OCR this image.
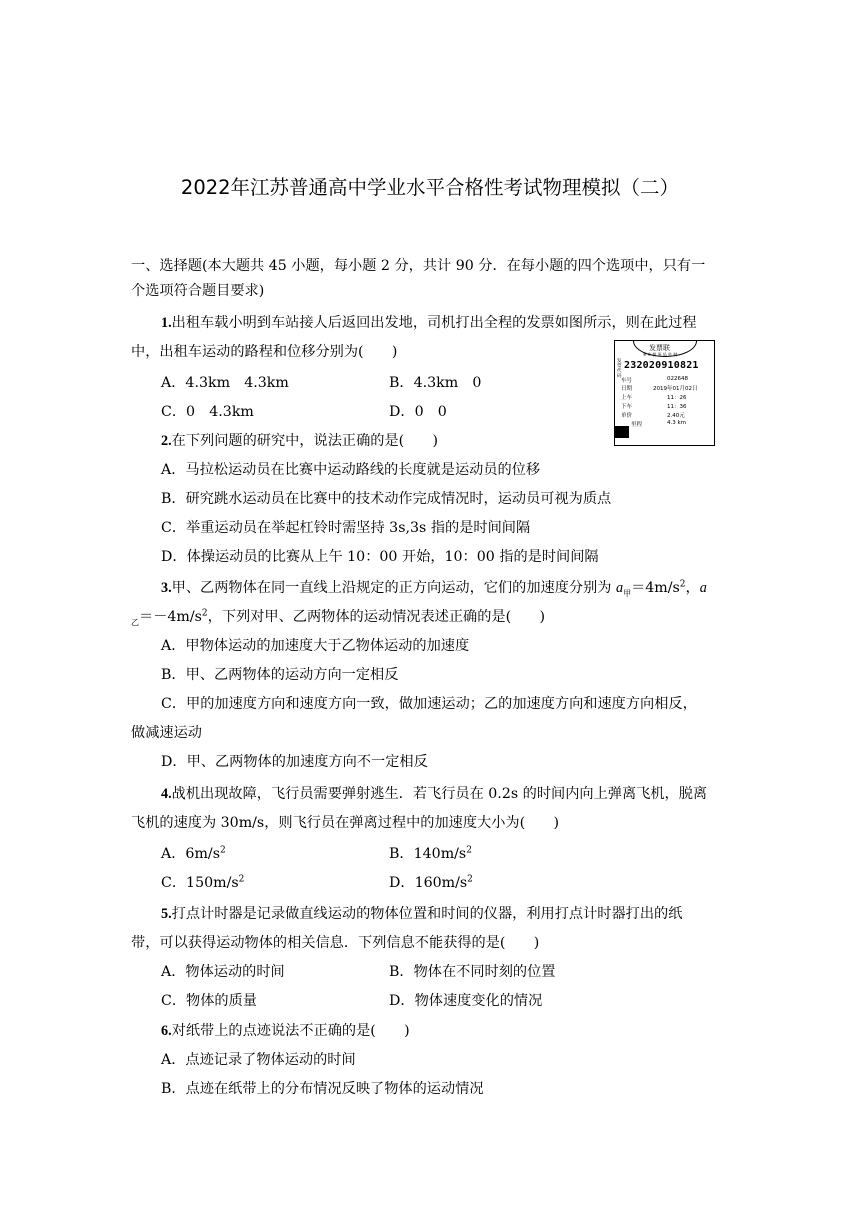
2022年江苏普通高中学业水平合格性考试物理模拟（二）
一、选择题(本大题共 45 小题，每小题 2 分，共计 90 分．在每小题的四个选项中，只有一
个选项符合题目要求)
1.出租车载小明到车站接人后返回出发地，司机打出全程的发票如图所示，则在此过程
中，出租车运动的路程和位移分别为(　　)
A．4.3km　4.3km	B．4.3km　0
C．0　4.3km	D．0　0
发票联
※ ※ 税 务 局 监 制
发票代码
232020910821
车号	022648
日期	2019年01月02日
上车	11：26
下车	11：36
单价	2.40元
里程	4.3 km
2.在下列问题的研究中，说法正确的是(　　)
A．马拉松运动员在比赛中运动路线的长度就是运动员的位移
B．研究跳水运动员在比赛中的技术动作完成情况时，运动员可视为质点
C．举重运动员在举起杠铃时需坚持 3s,3s 指的是时间间隔
D．体操运动员的比赛从上午 10：00 开始，10：00 指的是时间间隔
3.甲、乙两物体在同一直线上沿规定的正方向运动，它们的加速度分别为 $a_甲=4m/s^2$，a
$_乙=-4m/s^2$，下列对甲、乙两物体的运动情况表述正确的是(　　)
A．甲物体运动的加速度大于乙物体运动的加速度
B．甲、乙两物体的运动方向一定相反
C．甲的加速度方向和速度方向一致，做加速运动；乙的加速度方向和速度方向相反，
做减速运动
D．甲、乙两物体的加速度方向不一定相反
4.战机出现故障，飞行员需要弹射逃生．若飞行员在 0.2s 的时间内向上弹离飞机，脱离
飞机的速度为 30m/s，则飞行员在弹离过程中的加速度大小为(　　)
A．$6m/s^2$	B．$140m/s^2$
C．$150m/s^2$	D．$160m/s^2$
5.打点计时器是记录做直线运动的物体位置和时间的仪器，利用打点计时器打出的纸
带，可以获得运动物体的相关信息．下列信息不能获得的是(　　)
A．物体运动的时间	B．物体在不同时刻的位置
C．物体的质量	D．物体速度变化的情况
6.对纸带上的点迹说法不正确的是(　　)
A．点迹记录了物体运动的时间
B．点迹在纸带上的分布情况反映了物体的运动情况
